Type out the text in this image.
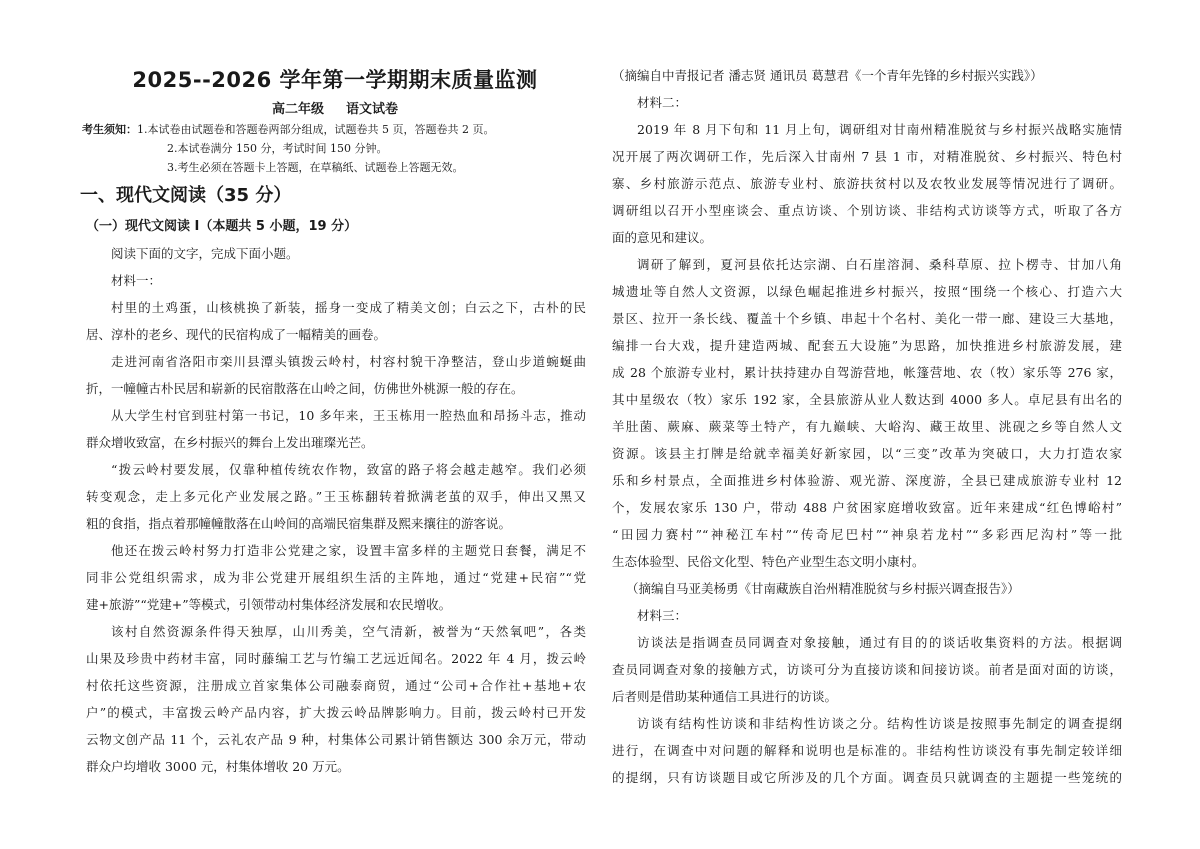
2025--2026 学年第一学期期末质量监测
高二年级 语文试卷
考生须知：1.本试卷由试题卷和答题卷两部分组成，试题卷共 5 页，答题卷共 2 页。
2.本试卷满分 150 分，考试时间 150 分钟。
3.考生必须在答题卡上答题，在草稿纸、试题卷上答题无效。
一、现代文阅读（35 分）
（一）现代文阅读 I（本题共 5 小题，19 分）
阅读下面的文字，完成下面小题。
材料一：
村里的土鸡蛋，山核桃换了新装，摇身一变成了精美文创；白云之下，古朴的民
居、淳朴的老乡、现代的民宿构成了一幅精美的画卷。
走进河南省洛阳市栾川县潭头镇拨云岭村，村容村貌干净整洁，登山步道蜿蜒曲
折，一幢幢古朴民居和崭新的民宿散落在山岭之间，仿佛世外桃源一般的存在。
从大学生村官到驻村第一书记，10 多年来，王玉栋用一腔热血和昂扬斗志，推动
群众增收致富，在乡村振兴的舞台上发出璀璨光芒。
“拨云岭村要发展，仅靠种植传统农作物，致富的路子将会越走越窄。我们必须
转变观念，走上多元化产业发展之路。”王玉栋翻转着掀满老茧的双手，伸出又黑又
粗的食指，指点着那幢幢散落在山岭间的高端民宿集群及熙来攘往的游客说。
他还在拨云岭村努力打造非公党建之家，设置丰富多样的主题党日套餐，满足不
同非公党组织需求，成为非公党建开展组织生活的主阵地，通过“党建+民宿”“党
建+旅游”“党建+”等模式，引领带动村集体经济发展和农民增收。
该村自然资源条件得天独厚，山川秀美，空气清新，被誉为“天然氧吧”，各类
山果及珍贵中药材丰富，同时藤编工艺与竹编工艺远近闻名。2022 年 4 月，拨云岭
村依托这些资源，注册成立首家集体公司融泰商贸，通过“公司+合作社+基地+农
户”的模式，丰富拨云岭产品内容，扩大拨云岭品牌影响力。目前，拨云岭村已开发
云物文创产品 11 个，云礼农产品 9 种，村集体公司累计销售额达 300 余万元，带动
群众户均增收 3000 元，村集体增收 20 万元。
（摘编自中青报记者 潘志贤 通讯员 葛慧君《一个青年先锋的乡村振兴实践》）
材料二：
2019 年 8 月下旬和 11 月上旬，调研组对甘南州精准脱贫与乡村振兴战略实施情
况开展了两次调研工作，先后深入甘南州 7 县 1 市，对精准脱贫、乡村振兴、特色村
寨、乡村旅游示范点、旅游专业村、旅游扶贫村以及农牧业发展等情况进行了调研。
调研组以召开小型座谈会、重点访谈、个别访谈、非结构式访谈等方式，听取了各方
面的意见和建议。
调研了解到，夏河县依托达宗湖、白石崖溶洞、桑科草原、拉卜楞寺、甘加八角
城遗址等自然人文资源，以绿色崛起推进乡村振兴，按照“围绕一个核心、打造六大
景区、拉开一条长线、覆盖十个乡镇、串起十个名村、美化一带一廊、建设三大基地，
编排一台大戏，提升建造两城、配套五大设施”为思路，加快推进乡村旅游发展，建
成 28 个旅游专业村，累计扶持建办自驾游营地，帐篷营地、农（牧）家乐等 276 家，
其中星级农（牧）家乐 192 家，全县旅游从业人数达到 4000 多人。卓尼县有出名的
羊肚菌、蕨麻、蕨菜等土特产，有九巅峡、大峪沟、藏王故里、洮砚之乡等自然人文
资源。该县主打牌是给就幸福美好新家园，以“三变”改革为突破口，大力打造农家
乐和乡村景点，全面推进乡村体验游、观光游、深度游，全县已建成旅游专业村 12
个，发展农家乐 130 户，带动 488 户贫困家庭增收致富。近年来建成“红色博峪村”
“田园力赛村”“神秘江车村”“传奇尼巴村”“神泉若龙村”“多彩西尼沟村”等一批
生态体验型、民俗文化型、特色产业型生态文明小康村。
（摘编自马亚美杨勇《甘南藏族自治州精准脱贫与乡村振兴调查报告》）
材料三：
访谈法是指调查员同调查对象接触，通过有目的的谈话收集资料的方法。根据调
查员同调查对象的接触方式，访谈可分为直接访谈和间接访谈。前者是面对面的访谈，
后者则是借助某种通信工具进行的访谈。
访谈有结构性访谈和非结构性访谈之分。结构性访谈是按照事先制定的调查提纲
进行，在调查中对问题的解释和说明也是标准的。非结构性访谈没有事先制定较详细
的提纲，只有访谈题目或它所涉及的几个方面。调查员只就调查的主题提一些笼统的
